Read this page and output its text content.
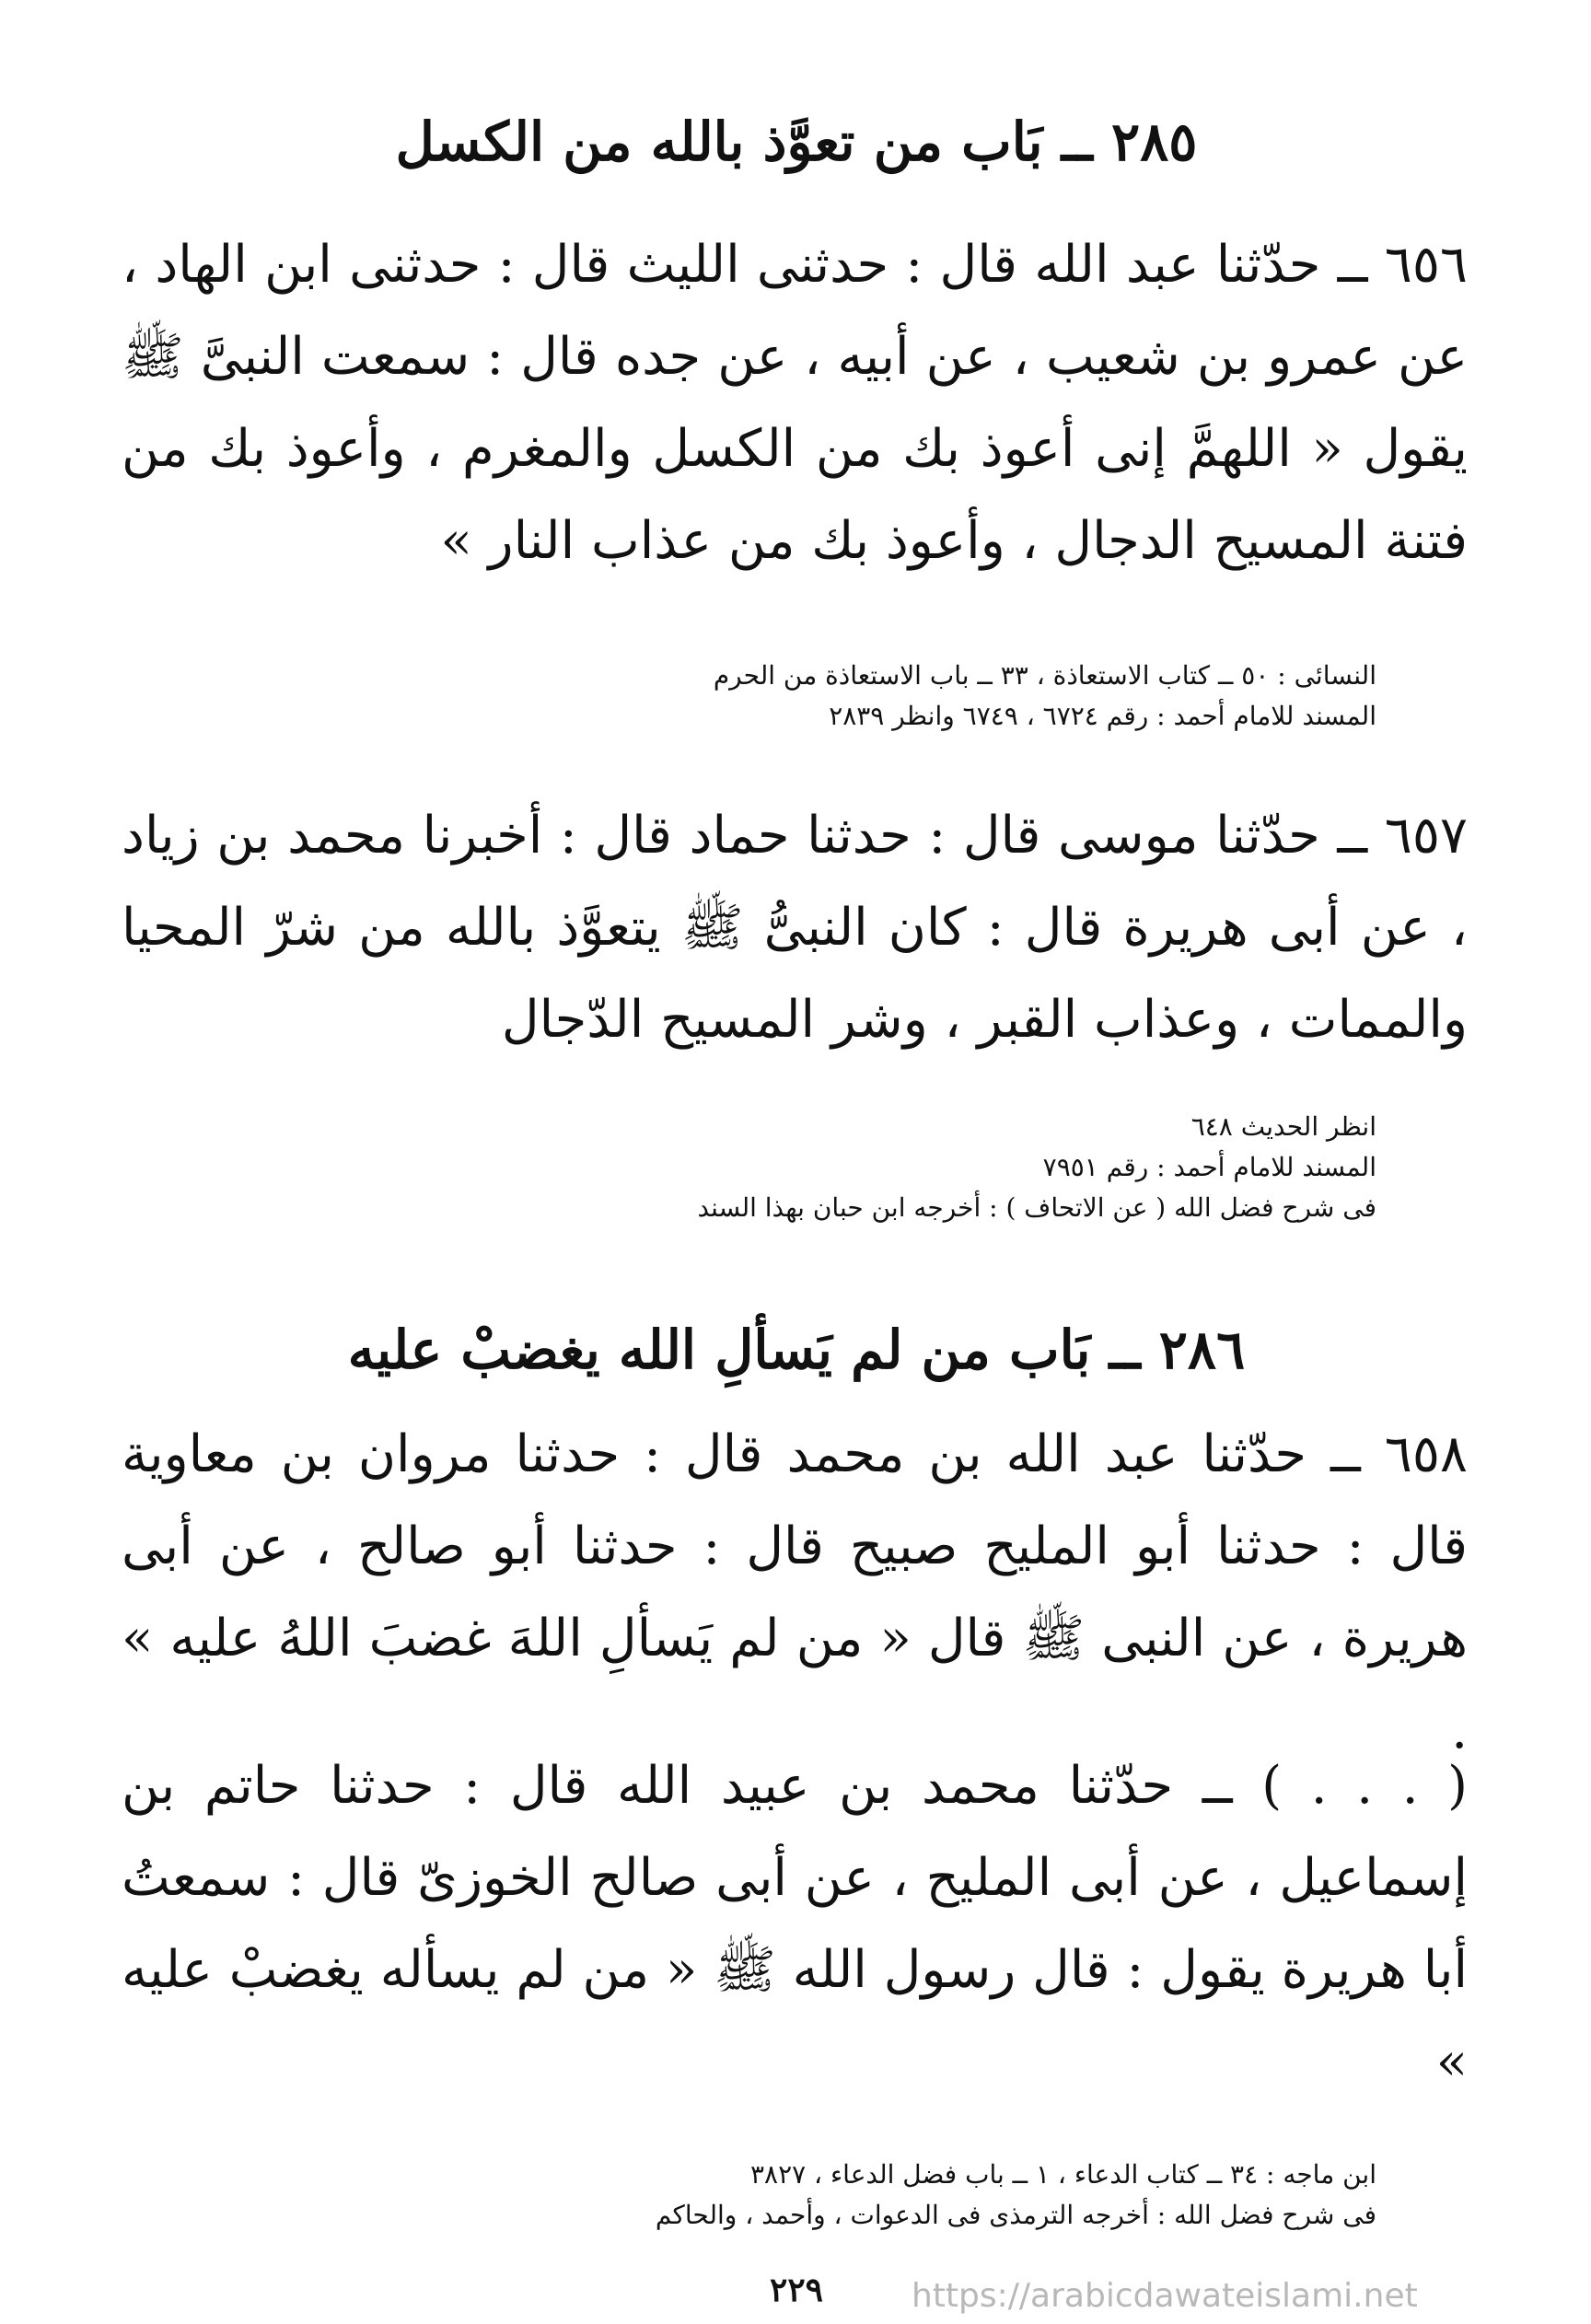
٢٨٥ ــ بَاب من تعوَّذ بالله من الكسل
٦٥٦ ــ حدّثنا عبد الله قال : حدثنى الليث قال : حدثنى ابن الهاد ، عن عمرو بن شعيب ، عن أبيه ، عن جده قال : سمعت النبىَّ ﷺ يقول « اللهمَّ إنى أعوذ بك من الكسل والمغرم ، وأعوذ بك من فتنة المسيح الدجال ، وأعوذ بك من عذاب النار »
النسائى : ٥٠ ــ كتاب الاستعاذة ، ٣٣ ــ باب الاستعاذة من الحرم
المسند للامام أحمد : رقم ٦٧٢٤ ، ٦٧٤٩ وانظر ٢٨٣٩
٦٥٧ ــ حدّثنا موسى قال : حدثنا حماد قال : أخبرنا محمد بن زياد ، عن أبى هريرة قال : كان النبىُّ ﷺ يتعوَّذ بالله من شرّ المحيا والممات ، وعذاب القبر ، وشر المسيح الدّجال
انظر الحديث ٦٤٨
المسند للامام أحمد : رقم ٧٩٥١
فى شرح فضل الله ( عن الاتحاف ) : أخرجه ابن حبان بهذا السند
٢٨٦ ــ بَاب من لم يَسألِ الله يغضبْ عليه
٦٥٨ ــ حدّثنا عبد الله بن محمد قال : حدثنا مروان بن معاوية قال : حدثنا أبو المليح صبيح قال : حدثنا أبو صالح ، عن أبى هريرة ، عن النبى ﷺ قال « من لم يَسألِ اللهَ غضبَ اللهُ عليه » .
( . . . ) ــ حدّثنا محمد بن عبيد الله قال : حدثنا حاتم بن إسماعيل ، عن أبى المليح ، عن أبى صالح الخوزىّ قال : سمعتُ أبا هريرة يقول : قال رسول الله ﷺ « من لم يسأله يغضبْ عليه »
ابن ماجه : ٣٤ ــ كتاب الدعاء ، ١ ــ باب فضل الدعاء ، ٣٨٢٧
فى شرح فضل الله : أخرجه الترمذى فى الدعوات ، وأحمد ، والحاكم
٢٢٩	https://arabicdawateislami.net
